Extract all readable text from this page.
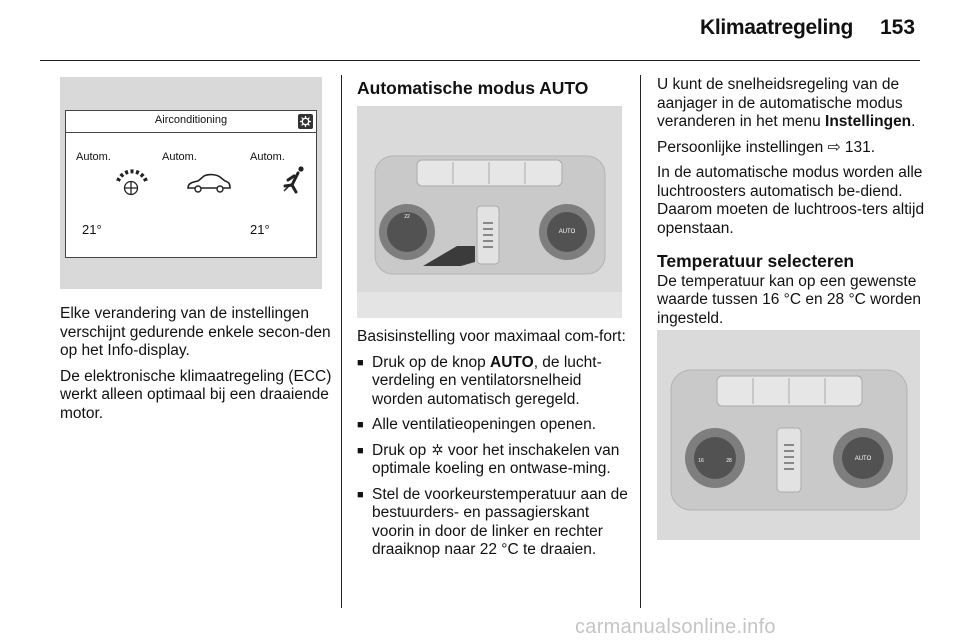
Klimaatregeling 153
Airconditioning
Autom.	Autom.	Autom.
21°	21°

Elke verandering van de instellingen verschijnt gedurende enkele secon-den op het Info-display.

De elektronische klimaatregeling (ECC) werkt alleen optimaal bij een draaiende motor.

Automatische modus AUTO
AUTO
22

Basisinstelling voor maximaal com-fort:

■ Druk op de knop AUTO, de lucht-verdeling en ventilatorsnelheid worden automatisch geregeld.
■ Alle ventilatieopeningen openen.
■ Druk op  voor het inschakelen van optimale koeling en ontwase-ming.
■ Stel de voorkeurstemperatuur aan de bestuurders- en passagierskant voorin in door de linker en rechter draaiknop naar 22 °C te draaien.

U kunt de snelheidsregeling van de aanjager in de automatische modus veranderen in het menu Instellingen.

Persoonlijke instellingen ⇨ 131.

In de automatische modus worden alle luchtroosters automatisch be-diend. Daarom moeten de luchtroos-ters altijd openstaan.

Temperatuur selecteren

De temperatuur kan op een gewenste waarde tussen 16 °C en 28 °C worden ingesteld.

AUTO
16	28
carmanualsonline.info
